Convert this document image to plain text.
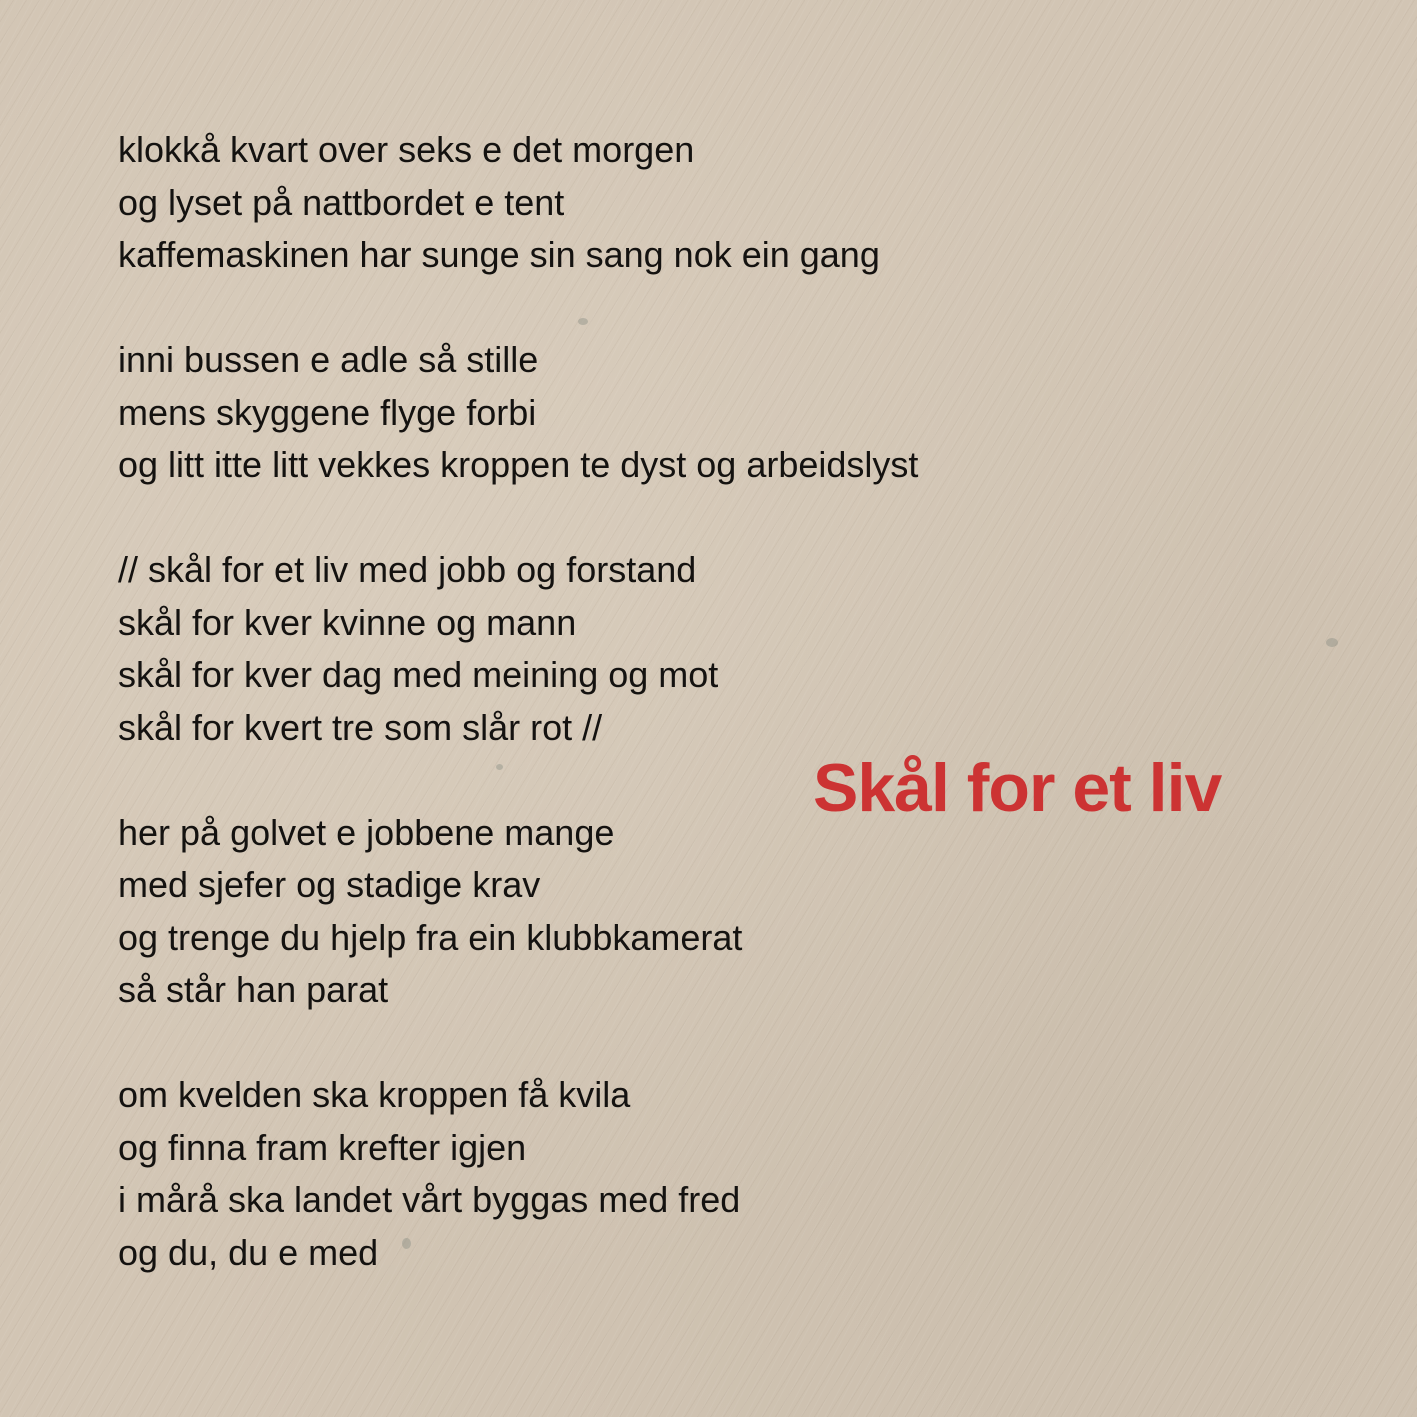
klokkå kvart over seks e det morgen
og lyset på nattbordet e tent
kaffemaskinen har sunge sin sang nok ein gang
inni bussen e adle så stille
mens skyggene flyge forbi
og litt itte litt vekkes kroppen te dyst og arbeidslyst
// skål for et liv med jobb og forstand
skål for kver kvinne og mann
skål for kver dag med meining og mot
skål for kvert tre som slår rot //
her på golvet e jobbene mange
med sjefer og stadige krav
og trenge du hjelp fra ein klubbkamerat
så står han parat
om kvelden ska kroppen få kvila
og finna fram krefter igjen
i mårå ska landet vårt byggas med fred
og du, du e med
Skål for et liv
